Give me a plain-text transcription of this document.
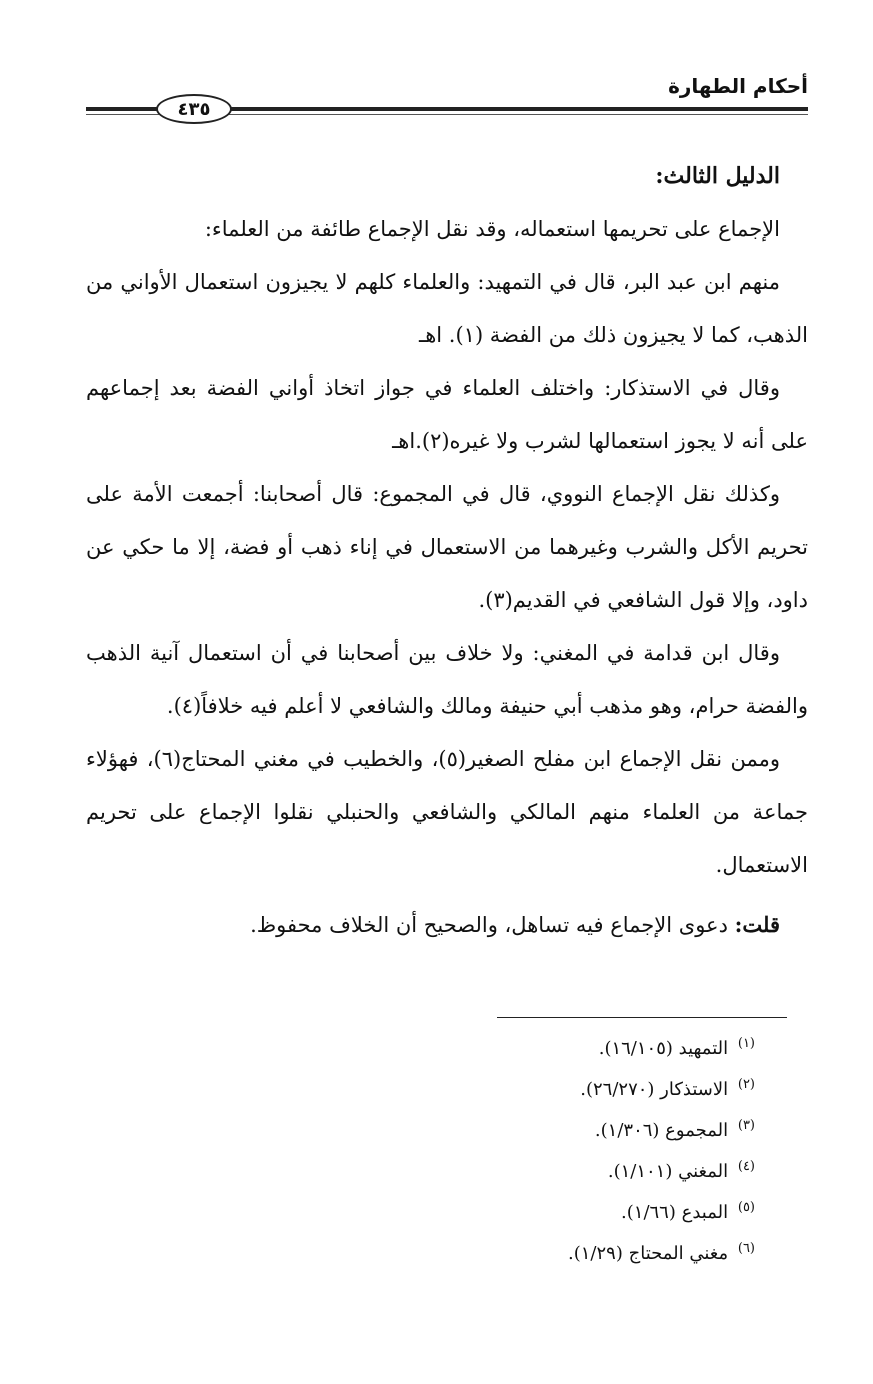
أحكام الطهارة
٤٣٥
الدليل الثالث:

الإجماع على تحريمها استعماله، وقد نقل الإجماع طائفة من العلماء:

منهم ابن عبد البر، قال في التمهيد: والعلماء كلهم لا يجيزون استعمال الأواني من الذهب، كما لا يجيزون ذلك من الفضة (١). اهـ

وقال في الاستذكار: واختلف العلماء في جواز اتخاذ أواني الفضة بعد إجماعهم على أنه لا يجوز استعمالها لشرب ولا غيره(٢).اهـ

وكذلك نقل الإجماع النووي، قال في المجموع: قال أصحابنا: أجمعت الأمة على تحريم الأكل والشرب وغيرهما من الاستعمال في إناء ذهب أو فضة، إلا ما حكي عن داود، وإلا قول الشافعي في القديم(٣).

وقال ابن قدامة في المغني: ولا خلاف بين أصحابنا في أن استعمال آنية الذهب والفضة حرام، وهو مذهب أبي حنيفة ومالك والشافعي لا أعلم فيه خلافاً(٤).

وممن نقل الإجماع ابن مفلح الصغير(٥)، والخطيب في مغني المحتاج(٦)، فهؤلاء جماعة من العلماء منهم المالكي والشافعي والحنبلي نقلوا الإجماع على تحريم الاستعمال.

قلت: دعوى الإجماع فيه تساهل، والصحيح أن الخلاف محفوظ.

$^{(١)}$ التمهيد (١٦/١٠٥).

$^{(٢)}$ الاستذكار (٢٦/٢٧٠).

$^{(٣)}$ المجموع (١/٣٠٦).

$^{(٤)}$ المغني (١/١٠١).

$^{(٥)}$ المبدع (١/٦٦).

$^{(٦)}$ مغني المحتاج (١/٢٩).
